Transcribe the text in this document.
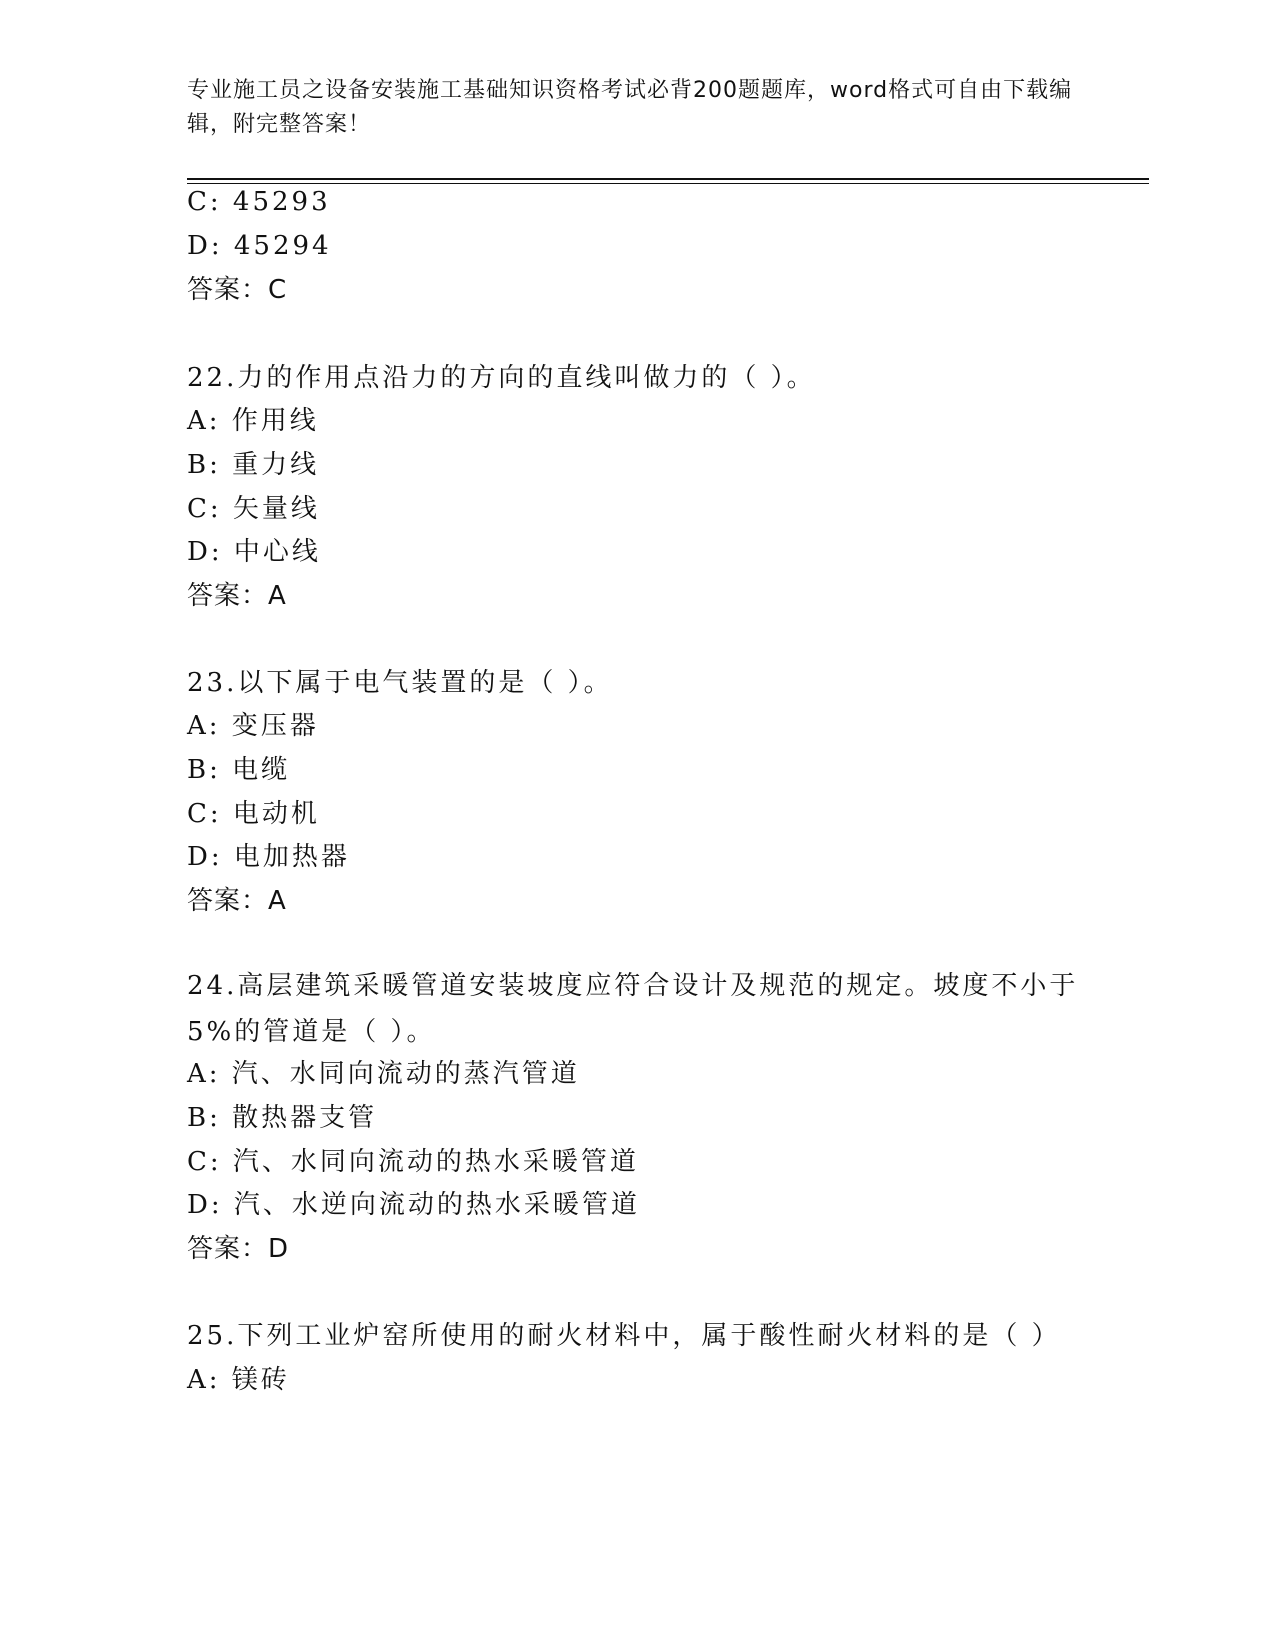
专业施工员之设备安装施工基础知识资格考试必背200题题库，word格式可自由下载编辑，附完整答案！
C: 45293
D: 45294
答案：C
22.力的作用点沿力的方向的直线叫做力的（ ）。
A: 作用线
B: 重力线
C: 矢量线
D: 中心线
答案：A
23.以下属于电气装置的是（ ）。
A: 变压器
B: 电缆
C: 电动机
D: 电加热器
答案：A
24.高层建筑采暖管道安装坡度应符合设计及规范的规定。坡度不小于5%的管道是（ ）。
A: 汽、水同向流动的蒸汽管道
B: 散热器支管
C: 汽、水同向流动的热水采暖管道
D: 汽、水逆向流动的热水采暖管道
答案：D
25.下列工业炉窑所使用的耐火材料中，属于酸性耐火材料的是（ ）
A: 镁砖
